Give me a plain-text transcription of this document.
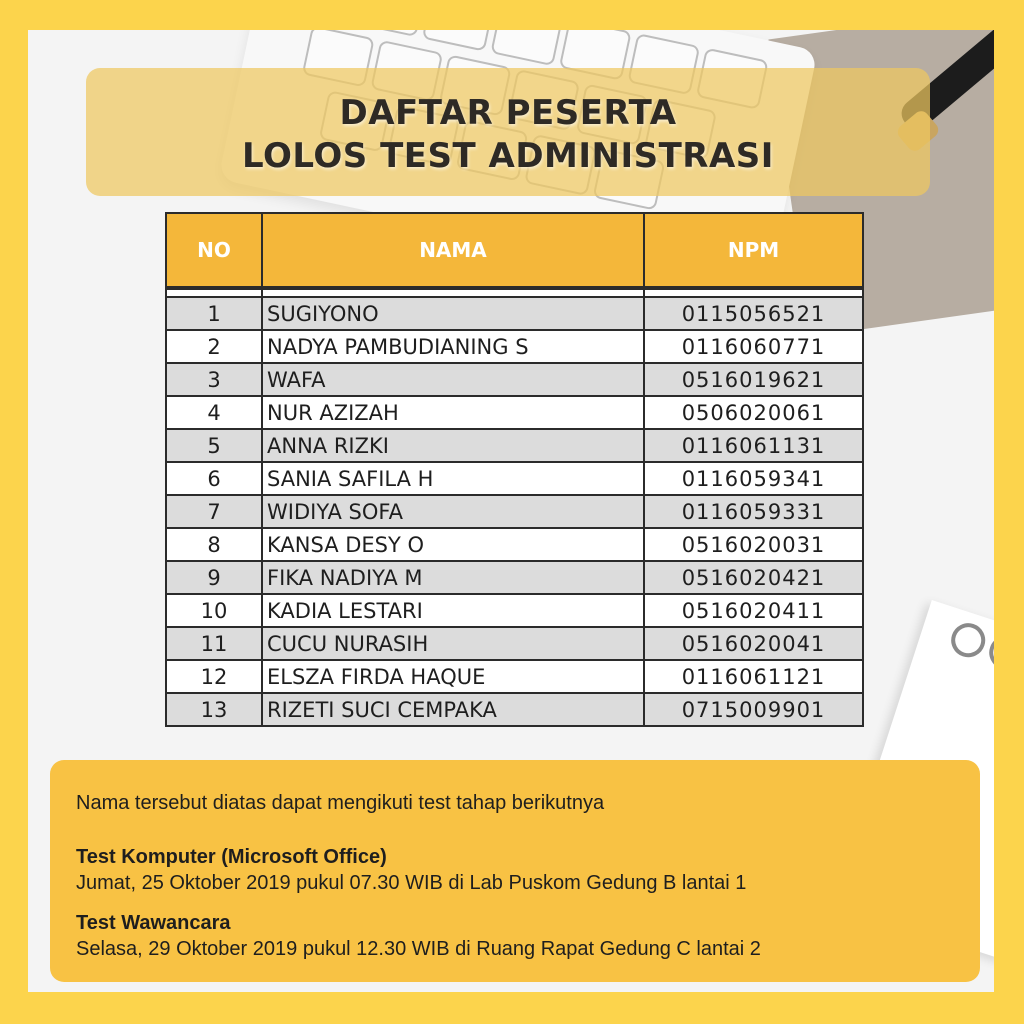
DAFTAR PESERTA
LOLOS TEST ADMINISTRASI
NO	NAMA	NPM

1	SUGIYONO	0115056521
2	NADYA PAMBUDIANING S	0116060771
3	WAFA	0516019621
4	NUR AZIZAH	0506020061
5	ANNA RIZKI	0116061131
6	SANIA SAFILA H	0116059341
7	WIDIYA SOFA	0116059331
8	KANSA DESY O	0516020031
9	FIKA NADIYA M	0516020421
10	KADIA LESTARI	0516020411
11	CUCU NURASIH	0516020041
12	ELSZA FIRDA HAQUE	0116061121
13	RIZETI SUCI CEMPAKA	0715009901
Nama tersebut diatas dapat mengikuti test tahap berikutnya
Test Komputer (Microsoft Office)
Jumat, 25 Oktober 2019 pukul 07.30 WIB di Lab Puskom Gedung B lantai 1
Test Wawancara
Selasa, 29 Oktober 2019 pukul 12.30 WIB di Ruang Rapat Gedung C lantai 2
